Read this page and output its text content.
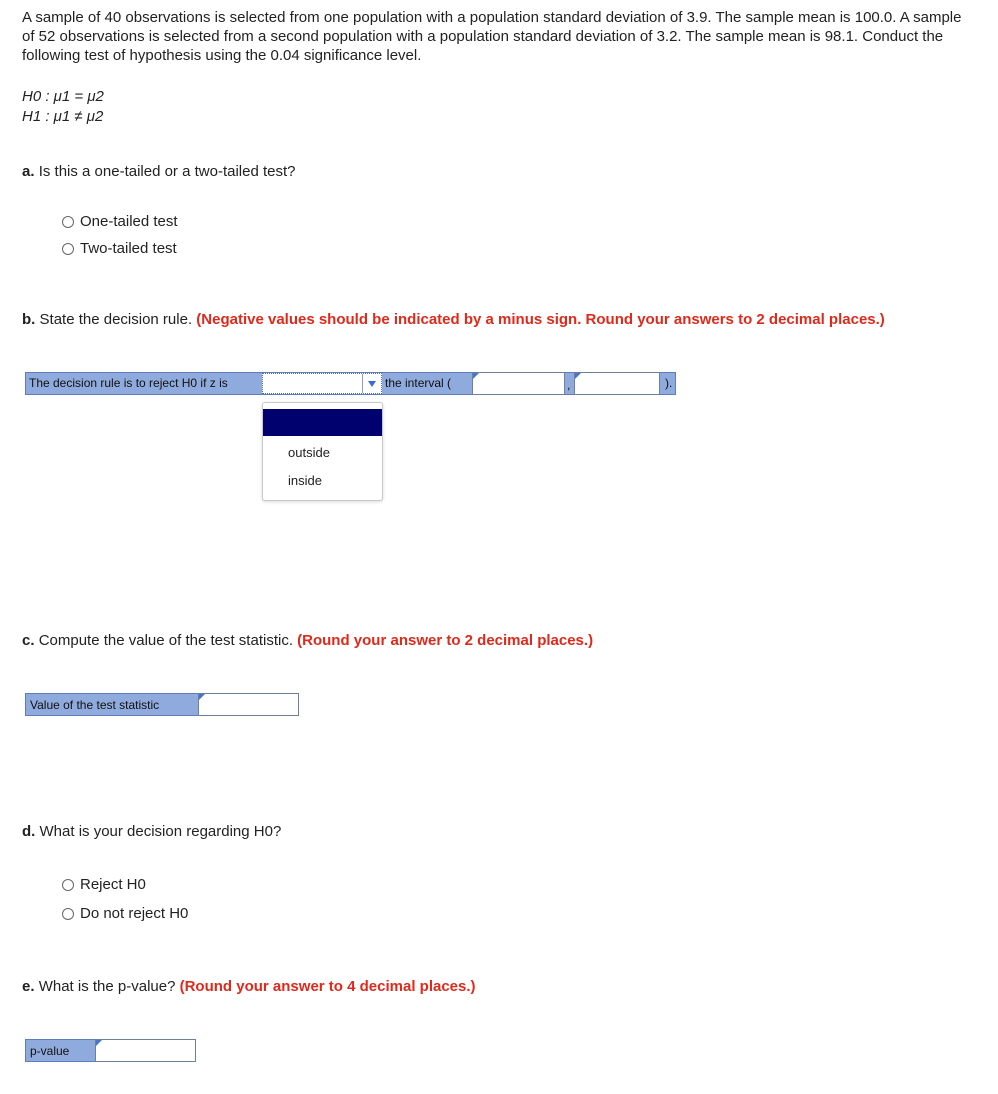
A sample of 40 observations is selected from one population with a population standard deviation of 3.9. The sample mean is 100.0. A sample of 52 observations is selected from a second population with a population standard deviation of 3.2. The sample mean is 98.1. Conduct the following test of hypothesis using the 0.04 significance level.
H0 : μ1 = μ2
H1 : μ1 ≠ μ2
a. Is this a one-tailed or a two-tailed test?
One-tailed test
Two-tailed test
b. State the decision rule. (Negative values should be indicated by a minus sign. Round your answers to 2 decimal places.)
The decision rule is to reject H0 if z is	the interval (	,	).
outside
inside
c. Compute the value of the test statistic. (Round your answer to 2 decimal places.)
Value of the test statistic
d. What is your decision regarding H0?
Reject H0
Do not reject H0
e. What is the p-value? (Round your answer to 4 decimal places.)
p-value
